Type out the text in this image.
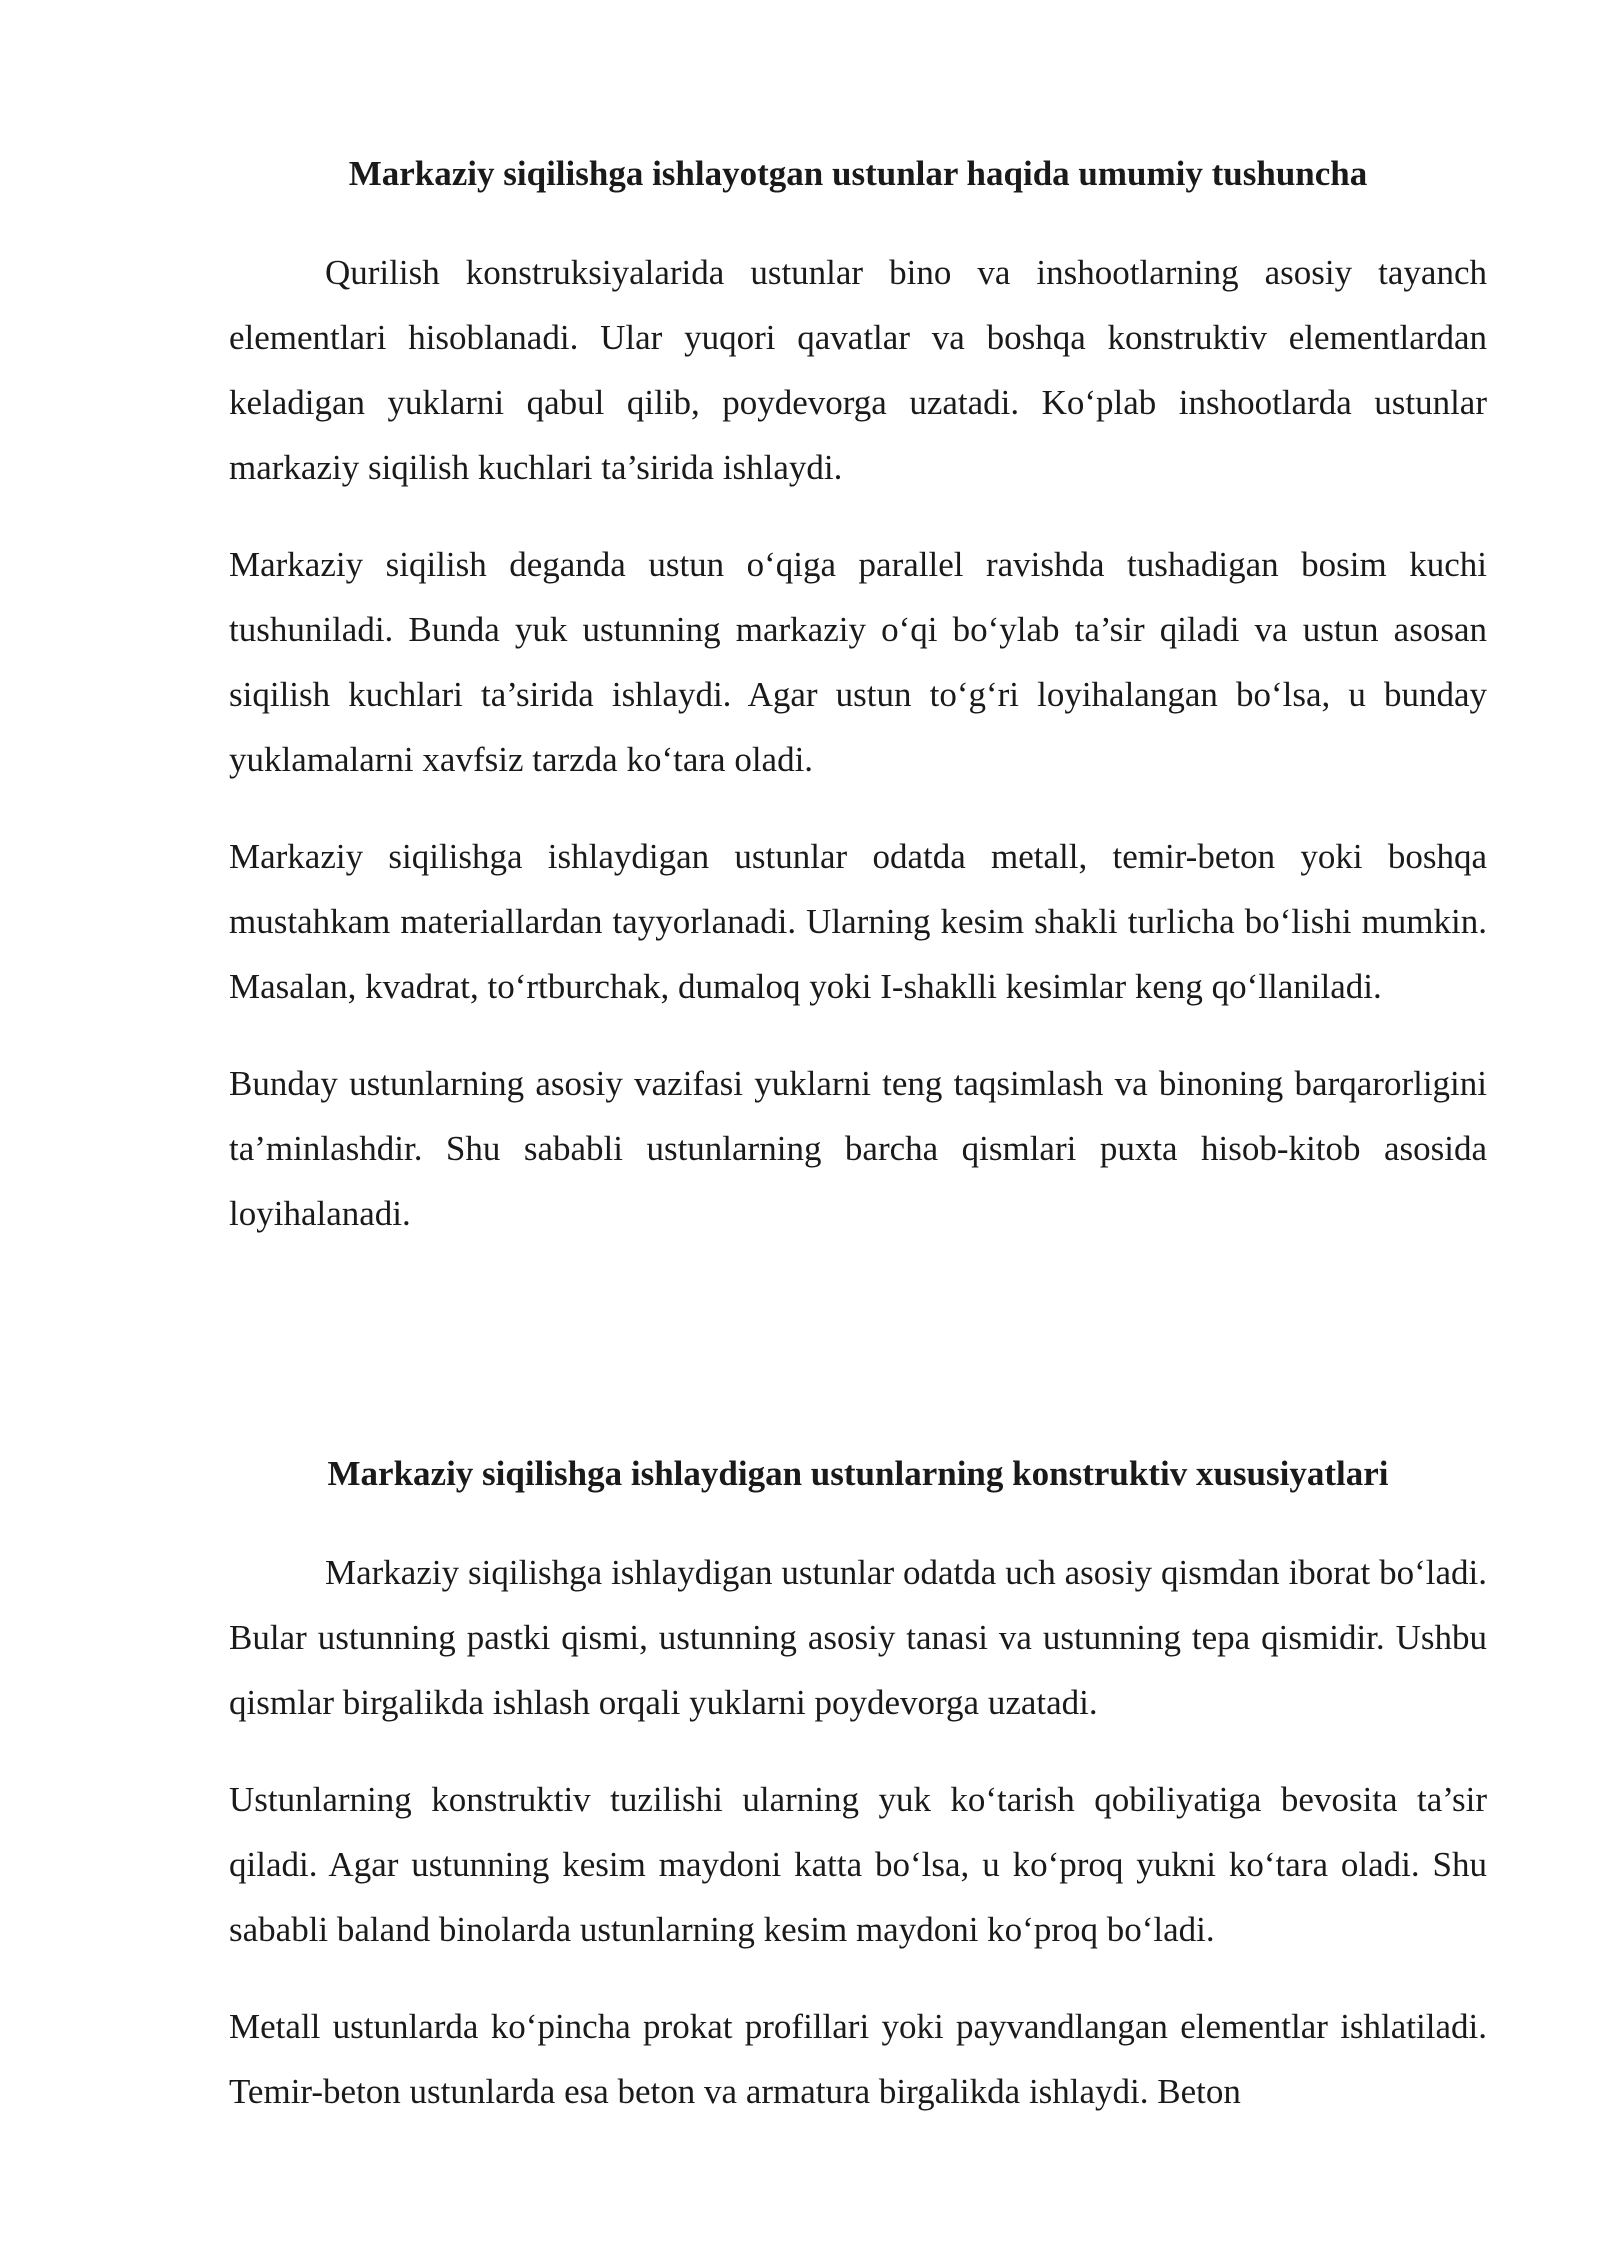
Markaziy siqilishga ishlayotgan ustunlar haqida umumiy tushuncha

Qurilish konstruksiyalarida ustunlar bino va inshootlarning asosiy tayanch elementlari hisoblanadi. Ular yuqori qavatlar va boshqa konstruktiv elementlardan keladigan yuklarni qabul qilib, poydevorga uzatadi. Ko‘plab inshootlarda ustunlar markaziy siqilish kuchlari ta’sirida ishlaydi.

Markaziy siqilish deganda ustun o‘qiga parallel ravishda tushadigan bosim kuchi tushuniladi. Bunda yuk ustunning markaziy o‘qi bo‘ylab ta’sir qiladi va ustun asosan siqilish kuchlari ta’sirida ishlaydi. Agar ustun to‘g‘ri loyihalangan bo‘lsa, u bunday yuklamalarni xavfsiz tarzda ko‘tara oladi.

Markaziy siqilishga ishlaydigan ustunlar odatda metall, temir-beton yoki boshqa mustahkam materiallardan tayyorlanadi. Ularning kesim shakli turlicha bo‘lishi mumkin. Masalan, kvadrat, to‘rtburchak, dumaloq yoki I-shaklli kesimlar keng qo‘llaniladi.

Bunday ustunlarning asosiy vazifasi yuklarni teng taqsimlash va binoning barqarorligini ta’minlashdir. Shu sababli ustunlarning barcha qismlari puxta hisob-kitob asosida loyihalanadi.

Markaziy siqilishga ishlaydigan ustunlarning konstruktiv xususiyatlari

Markaziy siqilishga ishlaydigan ustunlar odatda uch asosiy qismdan iborat bo‘ladi. Bular ustunning pastki qismi, ustunning asosiy tanasi va ustunning tepa qismidir. Ushbu qismlar birgalikda ishlash orqali yuklarni poydevorga uzatadi.

Ustunlarning konstruktiv tuzilishi ularning yuk ko‘tarish qobiliyatiga bevosita ta’sir qiladi. Agar ustunning kesim maydoni katta bo‘lsa, u ko‘proq yukni ko‘tara oladi. Shu sababli baland binolarda ustunlarning kesim maydoni ko‘proq bo‘ladi.

Metall ustunlarda ko‘pincha prokat profillari yoki payvandlangan elementlar ishlatiladi. Temir-beton ustunlarda esa beton va armatura birgalikda ishlaydi. Beton
